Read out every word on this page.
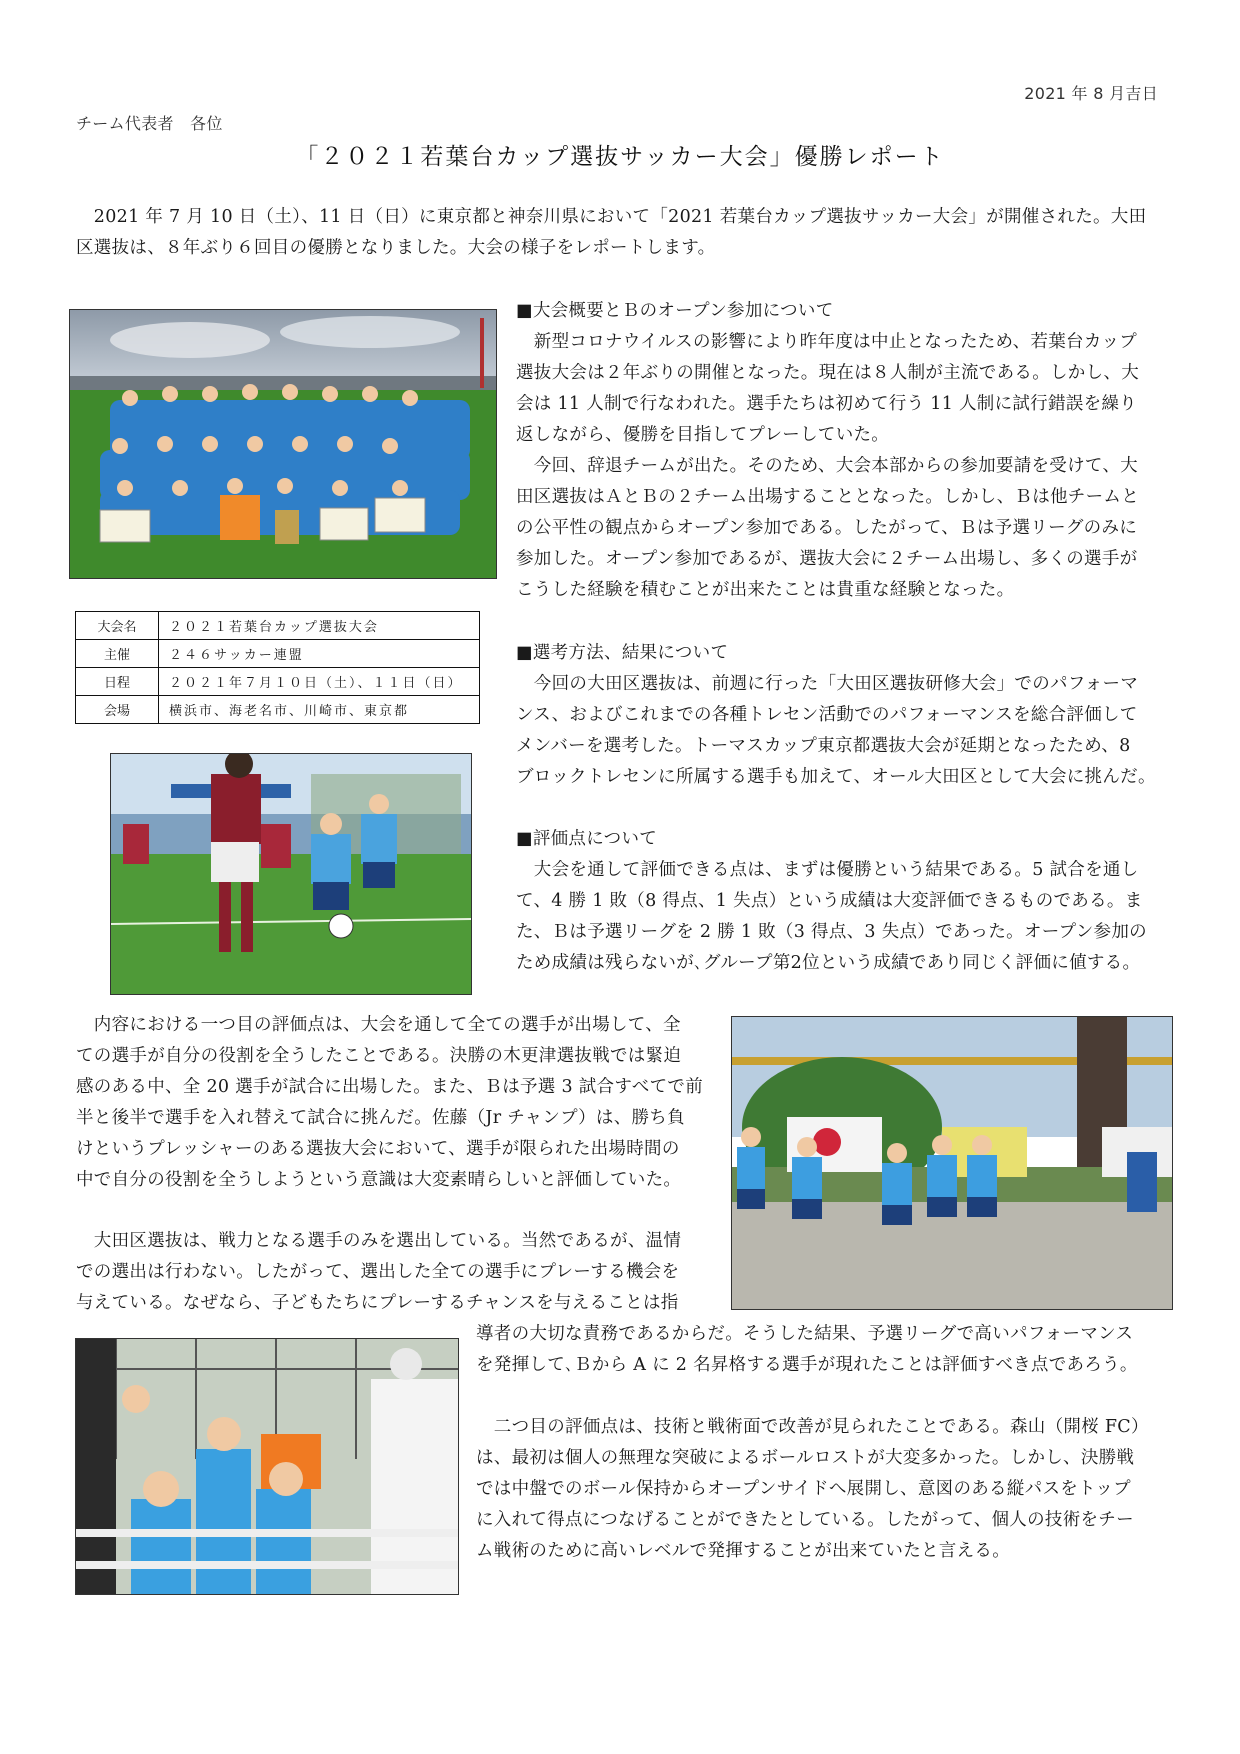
2021 年 8 月吉日
チーム代表者　各位
「２０２１若葉台カップ選抜サッカー大会」優勝レポート
　2021 年 7 月 10 日（土）、11 日（日）に東京都と神奈川県において「2021 若葉台カップ選抜サッカー大会」が開催された。大田
区選抜は、８年ぶり６回目の優勝となりました。大会の様子をレポートします。
■大会概要とＢのオープン参加について
　新型コロナウイルスの影響により昨年度は中止となったため、若葉台カップ
選抜大会は２年ぶりの開催となった。現在は８人制が主流である。しかし、大
会は 11 人制で行なわれた。選手たちは初めて行う 11 人制に試行錯誤を繰り
返しながら、優勝を目指してプレーしていた。
　今回、辞退チームが出た。そのため、大会本部からの参加要請を受けて、大
田区選抜はＡとＢの２チーム出場することとなった。しかし、Ｂは他チームと
の公平性の観点からオープン参加である。したがって、Ｂは予選リーグのみに
参加した。オープン参加であるが、選抜大会に２チーム出場し、多くの選手が
こうした経験を積むことが出来たことは貴重な経験となった。
大会名	２０２１若葉台カップ選抜大会
主催	２４６サッカー連盟
日程	２０２１年７月１０日（土）、１１日（日）
会場	横浜市、海老名市、川崎市、東京都
■選考方法、結果について
　今回の大田区選抜は、前週に行った「大田区選抜研修大会」でのパフォーマ
ンス、およびこれまでの各種トレセン活動でのパフォーマンスを総合評価して
メンバーを選考した。トーマスカップ東京都選抜大会が延期となったため、8
ブロックトレセンに所属する選手も加えて、オール大田区として大会に挑んだ。
■評価点について
　大会を通して評価できる点は、まずは優勝という結果である。5 試合を通し
て、4 勝 1 敗（8 得点、1 失点）という成績は大変評価できるものである。ま
た、Ｂは予選リーグを 2 勝 1 敗（3 得点、3 失点）であった。オープン参加の
ため成績は残らないが､グループ第2位という成績であり同じく評価に値する。
　内容における一つ目の評価点は、大会を通して全ての選手が出場して、全
ての選手が自分の役割を全うしたことである。決勝の木更津選抜戦では緊迫
感のある中、全 20 選手が試合に出場した。また、Ｂは予選 3 試合すべてで前
半と後半で選手を入れ替えて試合に挑んだ。佐藤（Jr チャンプ）は、勝ち負
けというプレッシャーのある選抜大会において、選手が限られた出場時間の
中で自分の役割を全うしようという意識は大変素晴らしいと評価していた。
　大田区選抜は、戦力となる選手のみを選出している。当然であるが、温情
での選出は行わない。したがって、選出した全ての選手にプレーする機会を
与えている。なぜなら、子どもたちにプレーするチャンスを与えることは指
導者の大切な責務であるからだ。そうした結果、予選リーグで高いパフォーマンス
を発揮して､Ｂから A に 2 名昇格する選手が現れたことは評価すべき点であろう。
　二つ目の評価点は、技術と戦術面で改善が見られたことである。森山（開桜 FC）
は、最初は個人の無理な突破によるボールロストが大変多かった。しかし、決勝戦
では中盤でのボール保持からオープンサイドへ展開し、意図のある縦パスをトップ
に入れて得点につなげることができたとしている。したがって、個人の技術をチー
ム戦術のために高いレベルで発揮することが出来ていたと言える。
